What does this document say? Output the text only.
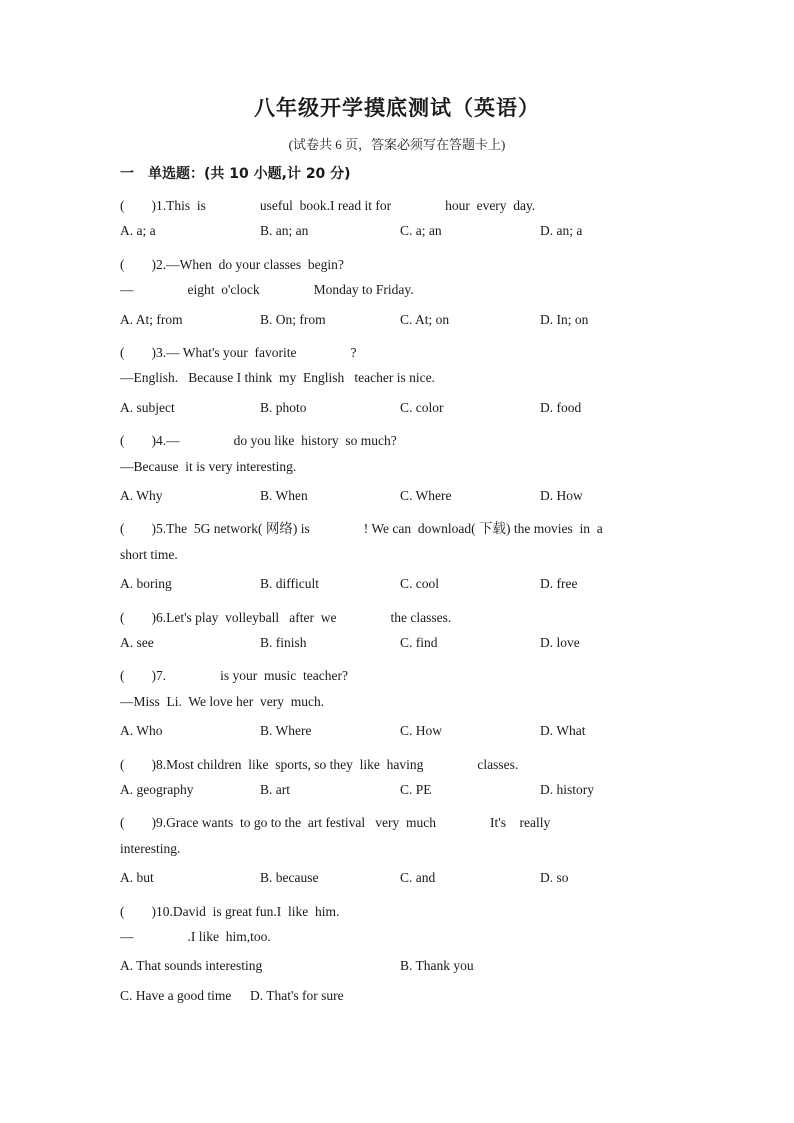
八年级开学摸底测试（英语）
(试卷共 6 页，答案必须写在答题卡上)
一　单选题：(共 10 小题,计 20 分)
(　　)1.This  is                useful  book.I read it for                hour  every  day.
A. a; a	B. an; an	C. a; an	D. an; a
(　　)2.—When  do your classes  begin?
—                eight  o'clock                Monday to Friday.
A. At; from	B. On; from	C. At; on	D. In; on
(　　)3.— What's your  favorite                ?
—English.   Because I think  my  English   teacher is nice.
A. subject	B. photo	C. color	D. food
(　　)4.—                do you like  history  so much?
—Because  it is very interesting.
A. Why	B. When	C. Where	D. How
(　　)5.The  5G network( 网络) is                ! We can  download( 下载) the movies  in  a
short time.
A. boring	B. difficult	C. cool	D. free
(　　)6.Let's play  volleyball   after  we                the classes.
A. see	B. finish	C. find	D. love
(　　)7.                is your  music  teacher?
—Miss  Li.  We love her  very  much.
A. Who	B. Where	C. How	D. What
(　　)8.Most children  like  sports, so they  like  having                classes.
A. geography	B. art	C. PE	D. history
(　　)9.Grace wants  to go to the  art festival   very  much                It's    really
interesting.
A. but	B. because	C. and	D. so
(　　)10.David  is great fun.I  like  him.
—                .I like  him,too.
A. That sounds interesting	B. Thank you
C. Have a good time D. That's for sure
